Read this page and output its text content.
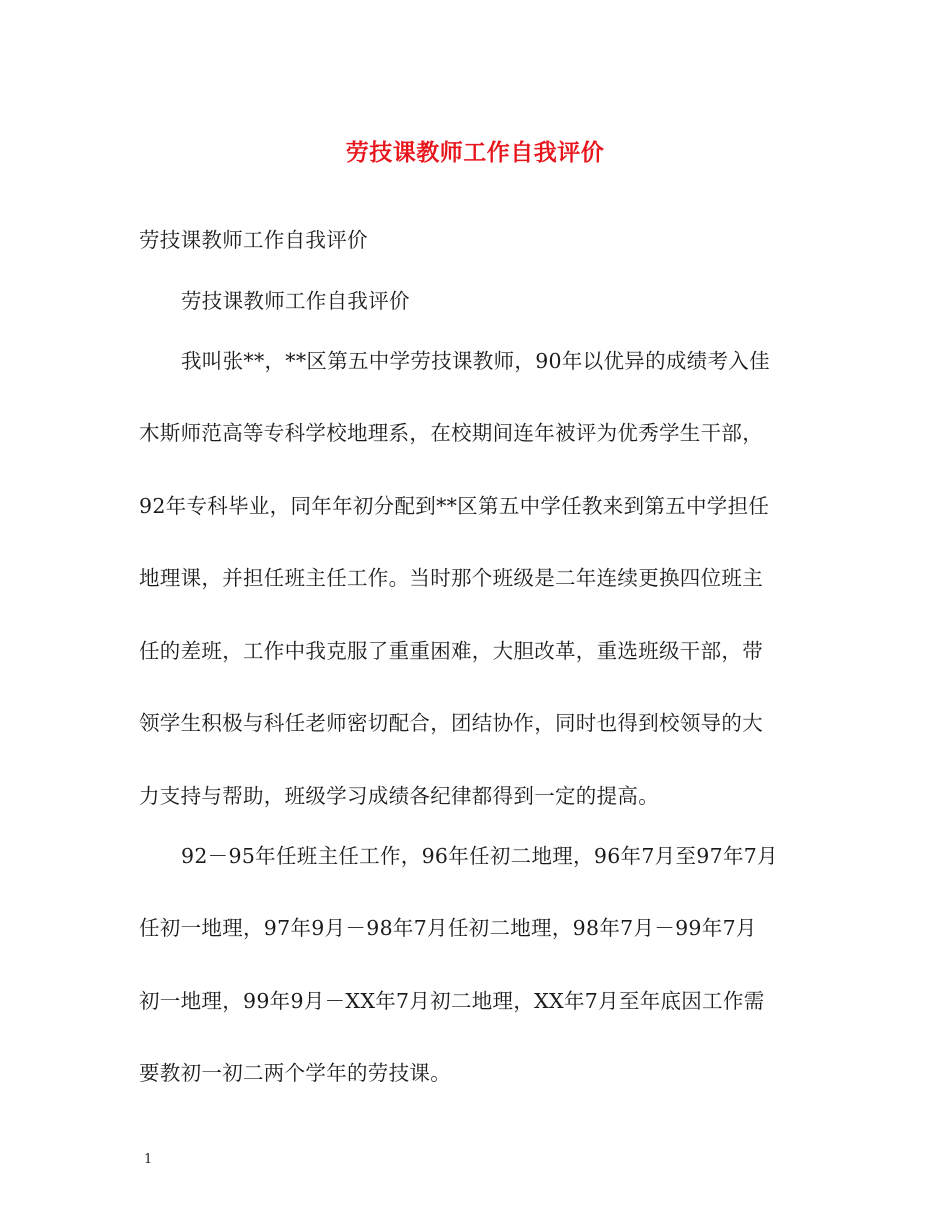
劳技课教师工作自我评价
劳技课教师工作自我评价
劳技课教师工作自我评价
我叫张**，**区第五中学劳技课教师，90年以优异的成绩考入佳
木斯师范高等专科学校地理系，在校期间连年被评为优秀学生干部，
92年专科毕业，同年年初分配到**区第五中学任教来到第五中学担任
地理课，并担任班主任工作。当时那个班级是二年连续更换四位班主
任的差班，工作中我克服了重重困难，大胆改革，重选班级干部，带
领学生积极与科任老师密切配合，团结协作，同时也得到校领导的大
力支持与帮助，班级学习成绩各纪律都得到一定的提高。
92－95年任班主任工作，96年任初二地理，96年7月至97年7月
任初一地理，97年9月－98年7月任初二地理，98年7月－99年7月
初一地理，99年9月－XX年7月初二地理，XX年7月至年底因工作需
要教初一初二两个学年的劳技课。
1
